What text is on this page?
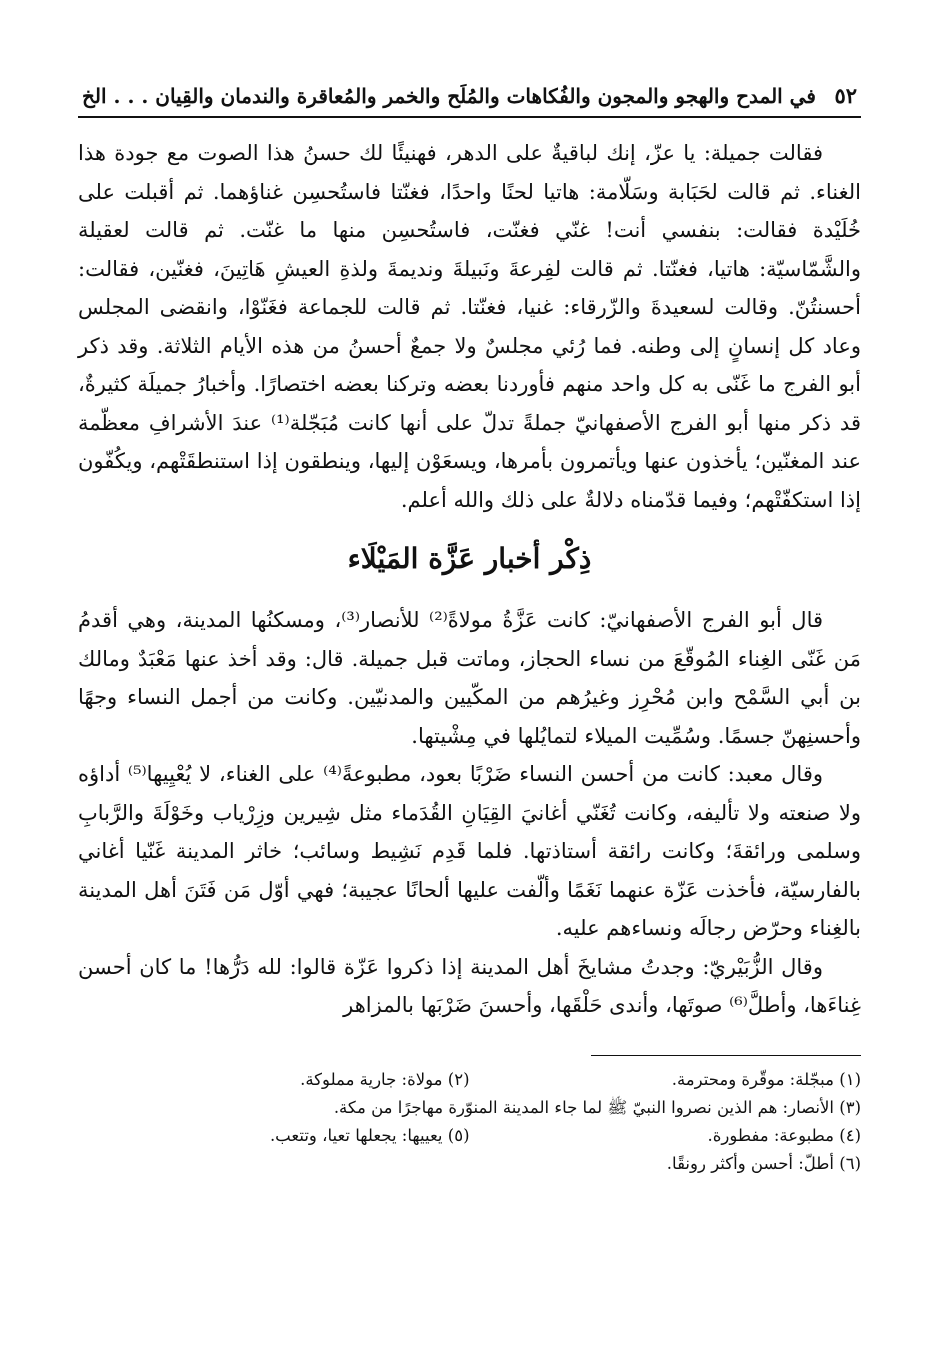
٥٢
في المدح والهجو والمجون والفُكاهات والمُلَح والخمر والمُعاقرة والندمان والقِيان . . . الخ

فقالت جميلة: يا عزّ، إنك لباقيةٌ على الدهر، فهنيئًا لك حسنُ هذا الصوت مع جودة هذا الغناء. ثم قالت لحَبَابة وسَلّامة: هاتيا لحنًا واحدًا، فغنّتا فاستُحسِن غناؤهما. ثم أقبلت على خُلَيْدة فقالت: بنفسي أنت! غنّي فغنّت، فاستُحسِن منها ما غنّت. ثم قالت لعقيلة والشَّمّاسيّة: هاتيا، فغنّتا. ثم قالت لفِرعةَ ونَبيلةَ ونديمةَ ولذةِ العيشِ هَاتِينَ، فغنّين، فقالت: أحسنتُنّ. وقالت لسعيدةَ والزّرقاء: غنيا، فغنّتا. ثم قالت للجماعة فغَنّوْا، وانقضى المجلس وعاد كل إنسانٍ إلى وطنه. فما رُئي مجلسٌ ولا جمعٌ أحسنُ من هذه الأيام الثلاثة. وقد ذكر أبو الفرج ما غَنّى به كل واحد منهم فأوردنا بعضه وتركنا بعضه اختصارًا. وأخبارُ جميلَة كثيرةٌ، قد ذكر منها أبو الفرج الأصفهانيّ جملةً تدلّ على أنها كانت مُبَجّلة⁽¹⁾ عندَ الأشرافِ معظّمة عند المغنّين؛ يأخذون عنها ويأتمرون بأمرها، ويسعَوْن إليها، وينطقون إذا استنطقَتْهم، ويكُفّون إذا استكفّتْهم؛ وفيما قدّمناه دلالةٌ على ذلك والله أعلم.

ذِكْر أخبار عَزَّة المَيْلَاء

قال أبو الفرج الأصفهانيّ: كانت عَزَّةُ مولاةً⁽²⁾ للأنصار⁽³⁾، ومسكنُها المدينة، وهي أقدمُ مَن غَنّى الغِناء المُوقّعَ من نساء الحجاز، وماتت قبل جميلة. قال: وقد أخذ عنها مَعْبَدٌ ومالك بن أبي السَّمْح وابن مُحْرِز وغيرُهم من المكّيين والمدنيّين. وكانت من أجمل النساء وجهًا وأحسنِهنّ جسمًا. وسُمِّيت الميلاء لتمايُلها في مِشْيتها.

وقال معبد: كانت من أحسن النساء ضَرْبًا بعود، مطبوعةً⁽⁴⁾ على الغناء، لا يُعْيِيها⁽⁵⁾ أداؤه ولا صنعته ولا تأليفه، وكانت تُغَنّي أغانيَ القِيَانِ القُدَماء مثل شِيرين وزِرْياب وخَوْلَةَ والرَّبابِ وسلمى ورائقةَ؛ وكانت رائقة أستاذتها. فلما قَدِم نَشِيط وسائب؛ خاثر المدينة غَنّيا أغاني بالفارسيّة، فأخذت عَزّة عنهما نَغَمًا وألّفت عليها ألحانًا عجيبة؛ فهي أوّل مَن فَتَنَ أهل المدينة بالغِناء وحرّض رجالَه ونساءهم عليه.

وقال الزُّبَيْريّ: وجدتُ مشايخَ أهل المدينة إذا ذكروا عَزّة قالوا: لله دَرُّها! ما كان أحسن غِناءَها، وأطلَّ⁽⁶⁾ صوتَها، وأندى حَلْقَها، وأحسنَ ضَرْبَها بالمزاهر

(١) مبجّلة: موقّرة ومحترمة.
(٢) مولاة: جارية مملوكة.
(٣) الأنصار: هم الذين نصروا النبيّ ﷺ لما جاء المدينة المنوّرة مهاجرًا من مكة.
(٤) مطبوعة: مفطورة.
(٥) يعييها: يجعلها تعيا، وتتعب.
(٦) أطلّ: أحسن وأكثر رونقًا.
